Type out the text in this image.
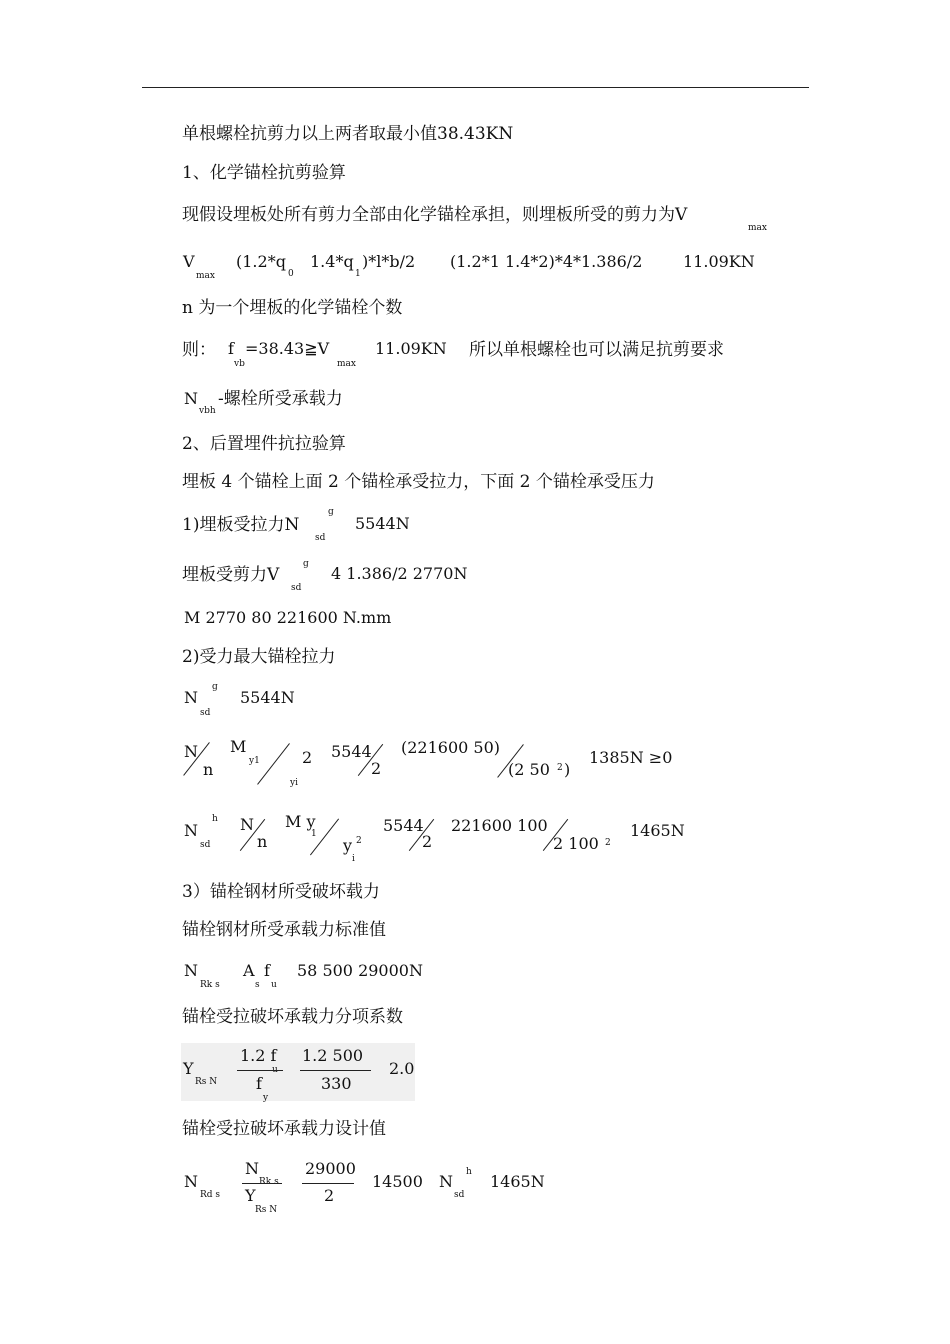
单根螺栓抗剪力以上两者取最小值38.43KN
1、化学锚栓抗剪验算
现假设埋板处所有剪力全部由化学锚栓承担，则埋板所受的剪力为V
max
V
max
(1.2*q
0
1.4*q
1
)*l*b/2 (1.2*1 1.4*2)*4*1.386/2	11.09KN
n 为一个埋板的化学锚栓个数
则： f
vb
=38.43≧V
max
11.09KN 所以单根螺栓也可以满足抗剪要求
N
vbh
-螺栓所受承载力
2、后置埋件抗拉验算
埋板 4 个锚栓上面 2 个锚栓承受拉力，下面 2 个锚栓承受压力
1)埋板受拉力N
g
sd
5544N
埋板受剪力V
g
sd
4 1.386/2 2770N
M 2770 80 221600 N.mm
2)受力最大锚栓拉力
N
g
sd
5544N
N
n
M
y1	2
yi
5544
2
(221600 50)
(2 50 2 )
1385N ≥0
N
h
sd
N
n
M y
1
y 2
i
5544
2
221600 100
2 100 2
1465N
3）锚栓钢材所受破坏载力
锚栓钢材所受承载力标准值
N
Rk s
A
s
f
u
58 500 29000N
锚栓受拉破坏承载力分项系数
Y
Rs N
1.2 f
u
f
y
1.2 500
330
2.0
锚栓受拉破坏承载力设计值
N
Rd s
N
Rk s
Y
Rs N
29000
2
14500 N h
sd
1465N
